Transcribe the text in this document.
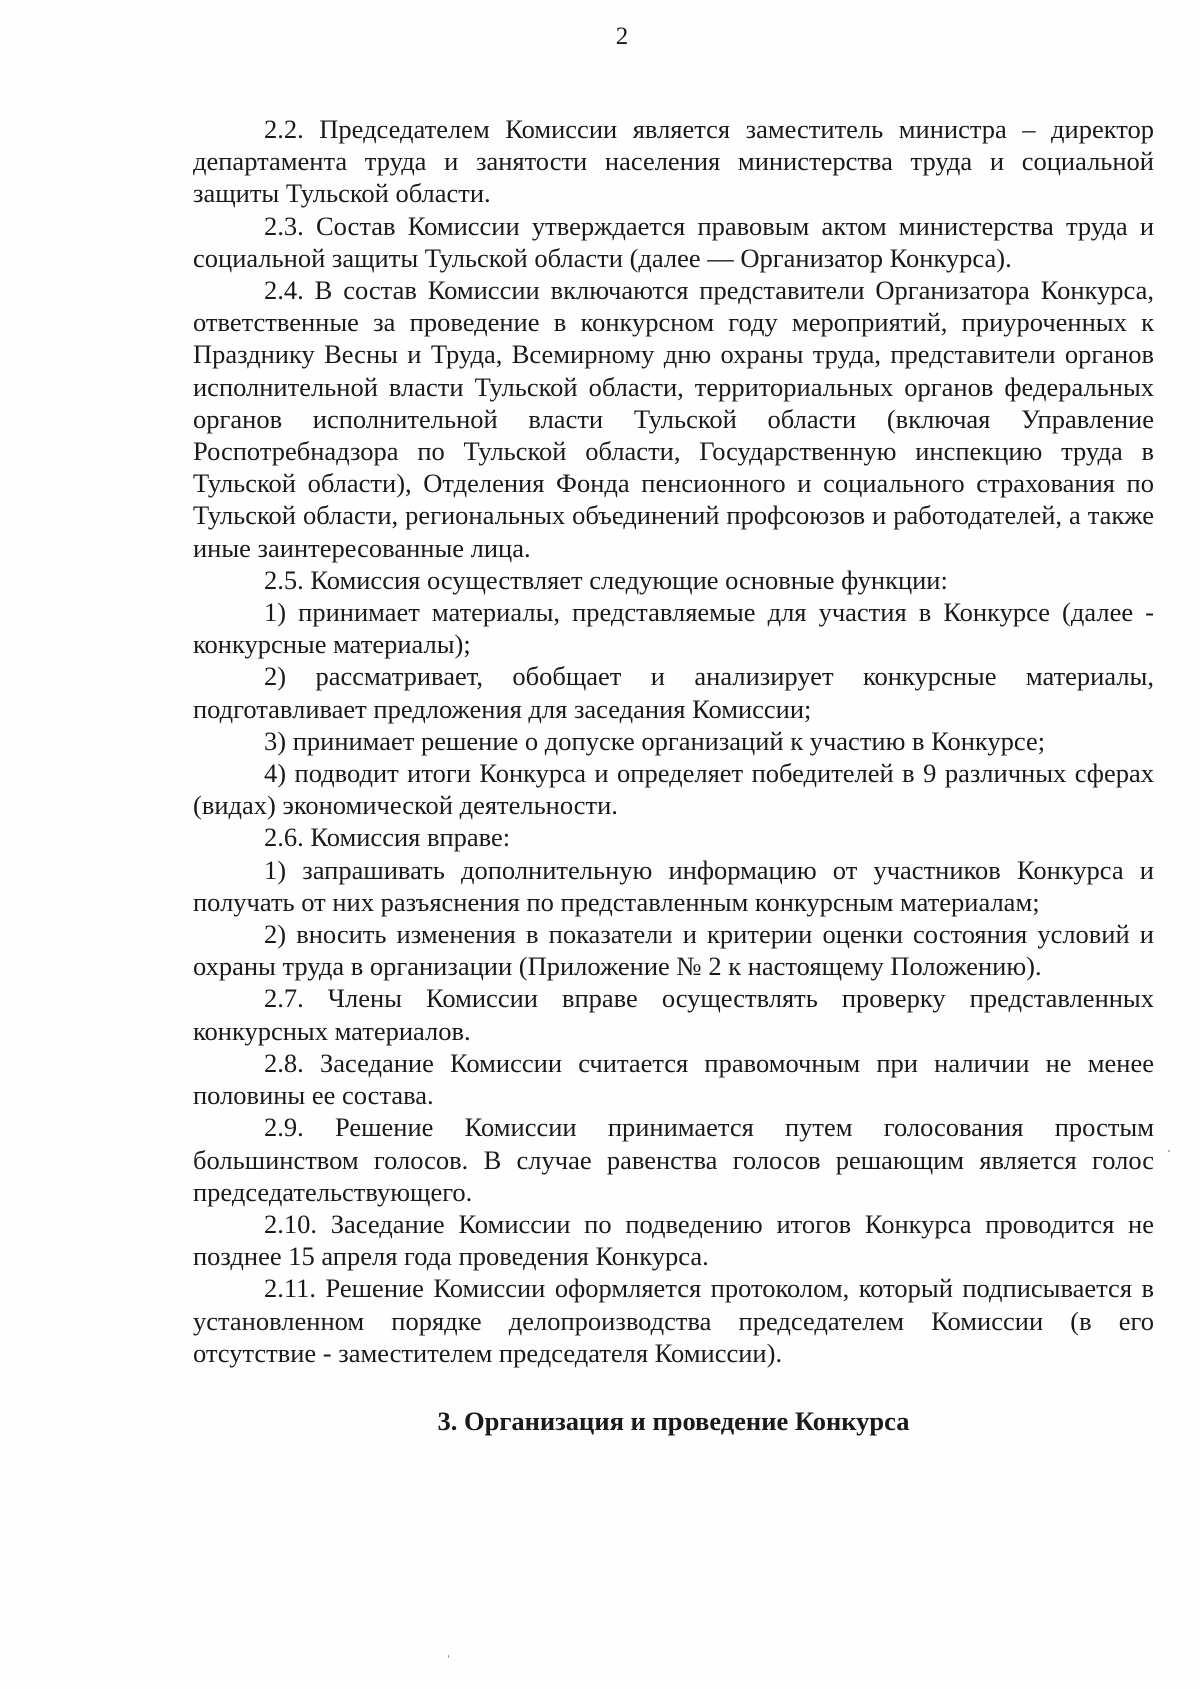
2

2.2. Председателем Комиссии является заместитель министра – директор департамента труда и занятости населения министерства труда и социальной защиты Тульской области.

2.3. Состав Комиссии утверждается правовым актом министерства труда и социальной защиты Тульской области (далее — Организатор Конкурса).

2.4. В состав Комиссии включаются представители Организатора Конкурса, ответственные за проведение в конкурсном году мероприятий, приуроченных к Празднику Весны и Труда, Всемирному дню охраны труда, представители органов исполнительной власти Тульской области, территориальных органов федеральных органов исполнительной власти Тульской области (включая Управление Роспотребнадзора по Тульской области, Государственную инспекцию труда в Тульской области), Отделения Фонда пенсионного и социального страхования по Тульской области, региональных объединений профсоюзов и работодателей, а также иные заинтересованные лица.

2.5. Комиссия осуществляет следующие основные функции:

1) принимает материалы, представляемые для участия в Конкурсе (далее - конкурсные материалы);

2) рассматривает, обобщает и анализирует конкурсные материалы, подготавливает предложения для заседания Комиссии;

3) принимает решение о допуске организаций к участию в Конкурсе;

4) подводит итоги Конкурса и определяет победителей в 9 различных сферах (видах) экономической деятельности.

2.6. Комиссия вправе:

1) запрашивать дополнительную информацию от участников Конкурса и получать от них разъяснения по представленным конкурсным материалам;

2) вносить изменения в показатели и критерии оценки состояния условий и охраны труда в организации (Приложение № 2 к настоящему Положению).

2.7. Члены Комиссии вправе осуществлять проверку представленных конкурсных материалов.

2.8. Заседание Комиссии считается правомочным при наличии не менее половины ее состава.

2.9. Решение Комиссии принимается путем голосования простым большинством голосов. В случае равенства голосов решающим является голос председательствующего.

2.10. Заседание Комиссии по подведению итогов Конкурса проводится не позднее 15 апреля года проведения Конкурса.

2.11. Решение Комиссии оформляется протоколом, который подписывается в установленном порядке делопроизводства председателем Комиссии (в его отсутствие - заместителем председателя Комиссии).

3. Организация и проведение Конкурса
